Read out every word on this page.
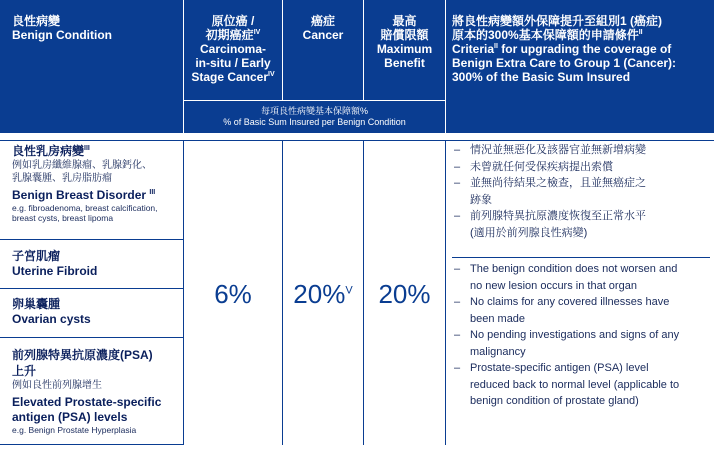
良性病變
Benign Condition
原位癌 /
初期癌症$^{IV}$
Carcinoma-
in-situ / Early
Stage Cancer$^{IV}$
癌症
Cancer
最高
賠償限額
Maximum
Benefit
將良性病變額外保障提升至組別1 (癌症)
原本的300%基本保障額的申請條件$^{II}$
Criteria$^{II}$ for upgrading the coverage of
Benign Extra Care to Group 1 (Cancer):
300% of the Basic Sum Insured
每項良性病變基本保障額%
% of Basic Sum Insured per Benign Condition
良性乳房病變$^{III}$
例如乳房纖維腺瘤、乳腺鈣化、
乳腺囊腫、乳房脂肪瘤
Benign Breast Disorder $^{III}$
e.g. fibroadenoma, breast calcification,
breast cysts, breast lipoma
子宮肌瘤
Uterine Fibroid
卵巢囊腫
Ovarian cysts
前列腺特異抗原濃度(PSA)
上升
例如良性前列腺增生
Elevated Prostate-specific
antigen (PSA) levels
e.g. Benign Prostate Hyperplasia
6%	20%$^V$ 20%
– 情況並無惡化及該器官並無新增病變
– 未曾就任何受保疾病提出索償
– 並無尚待結果之檢查，且並無癌症之
跡象
– 前列腺特異抗原濃度恢復至正常水平
(適用於前列腺良性病變)
– The benign condition does not worsen and
no new lesion occurs in that organ
– No claims for any covered illnesses have
been made
– No pending investigations and signs of any
malignancy
– Prostate-specific antigen (PSA) level
reduced back to normal level (applicable to
benign condition of prostate gland)
